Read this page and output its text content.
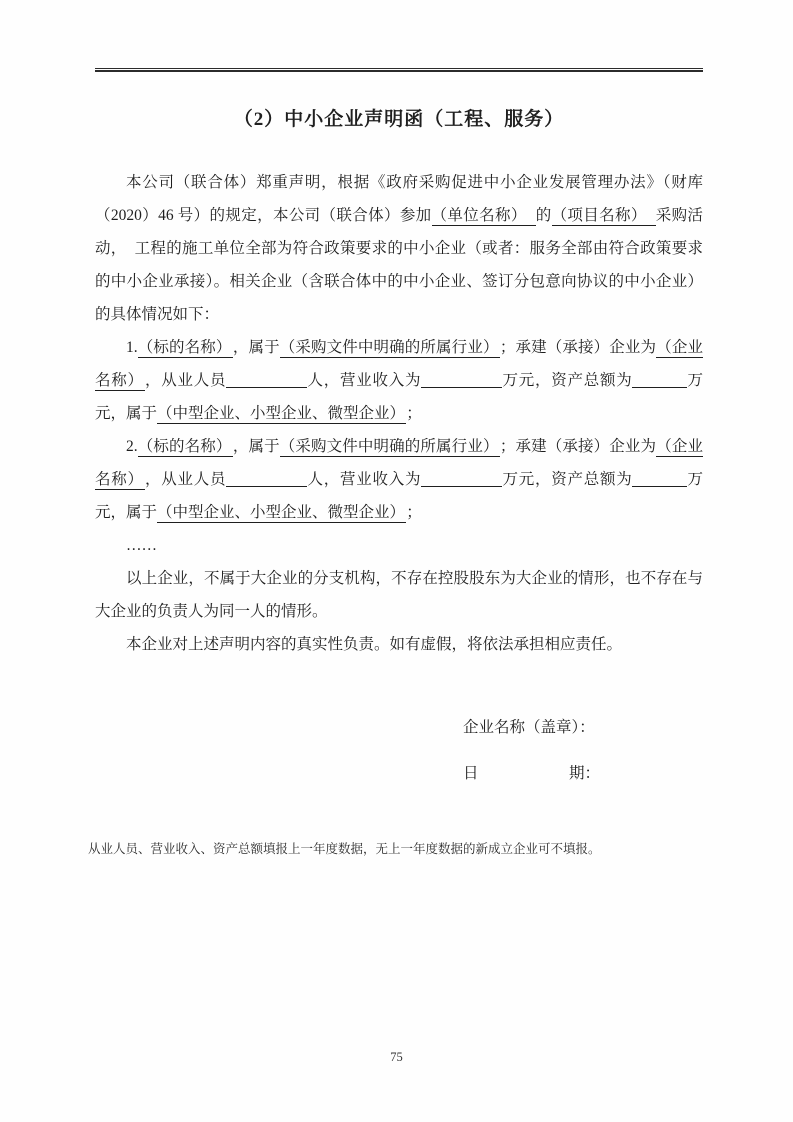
（2）中小企业声明函（工程、服务）

本公司（联合体）郑重声明，根据《政府采购促进中小企业发展管理办法》（财库（2020）46 号）的规定，本公司（联合体）参加（单位名称） 的（项目名称） 采购活动，　工程的施工单位全部为符合政策要求的中小企业（或者：服务全部由符合政策要求的中小企业承接）。相关企业（含联合体中的中小企业、签订分包意向协议的中小企业）的具体情况如下：

1.（标的名称） ，属于（采购文件中明确的所属行业） ；承建（承接）企业为（企业名称） ，从业人员	人，营业收入为	万元，资产总额为	万元，属于（中型企业、小型企业、微型企业） ；

2.（标的名称） ，属于（采购文件中明确的所属行业） ；承建（承接）企业为（企业名称） ，从业人员	人，营业收入为	万元，资产总额为	万元，属于（中型企业、小型企业、微型企业） ；

……

以上企业，不属于大企业的分支机构，不存在控股股东为大企业的情形，也不存在与大企业的负责人为同一人的情形。

本企业对上述声明内容的真实性负责。如有虚假，将依法承担相应责任。

企业名称（盖章）：
日	期：
从业人员、营业收入、资产总额填报上一年度数据，无上一年度数据的新成立企业可不填报。
75
